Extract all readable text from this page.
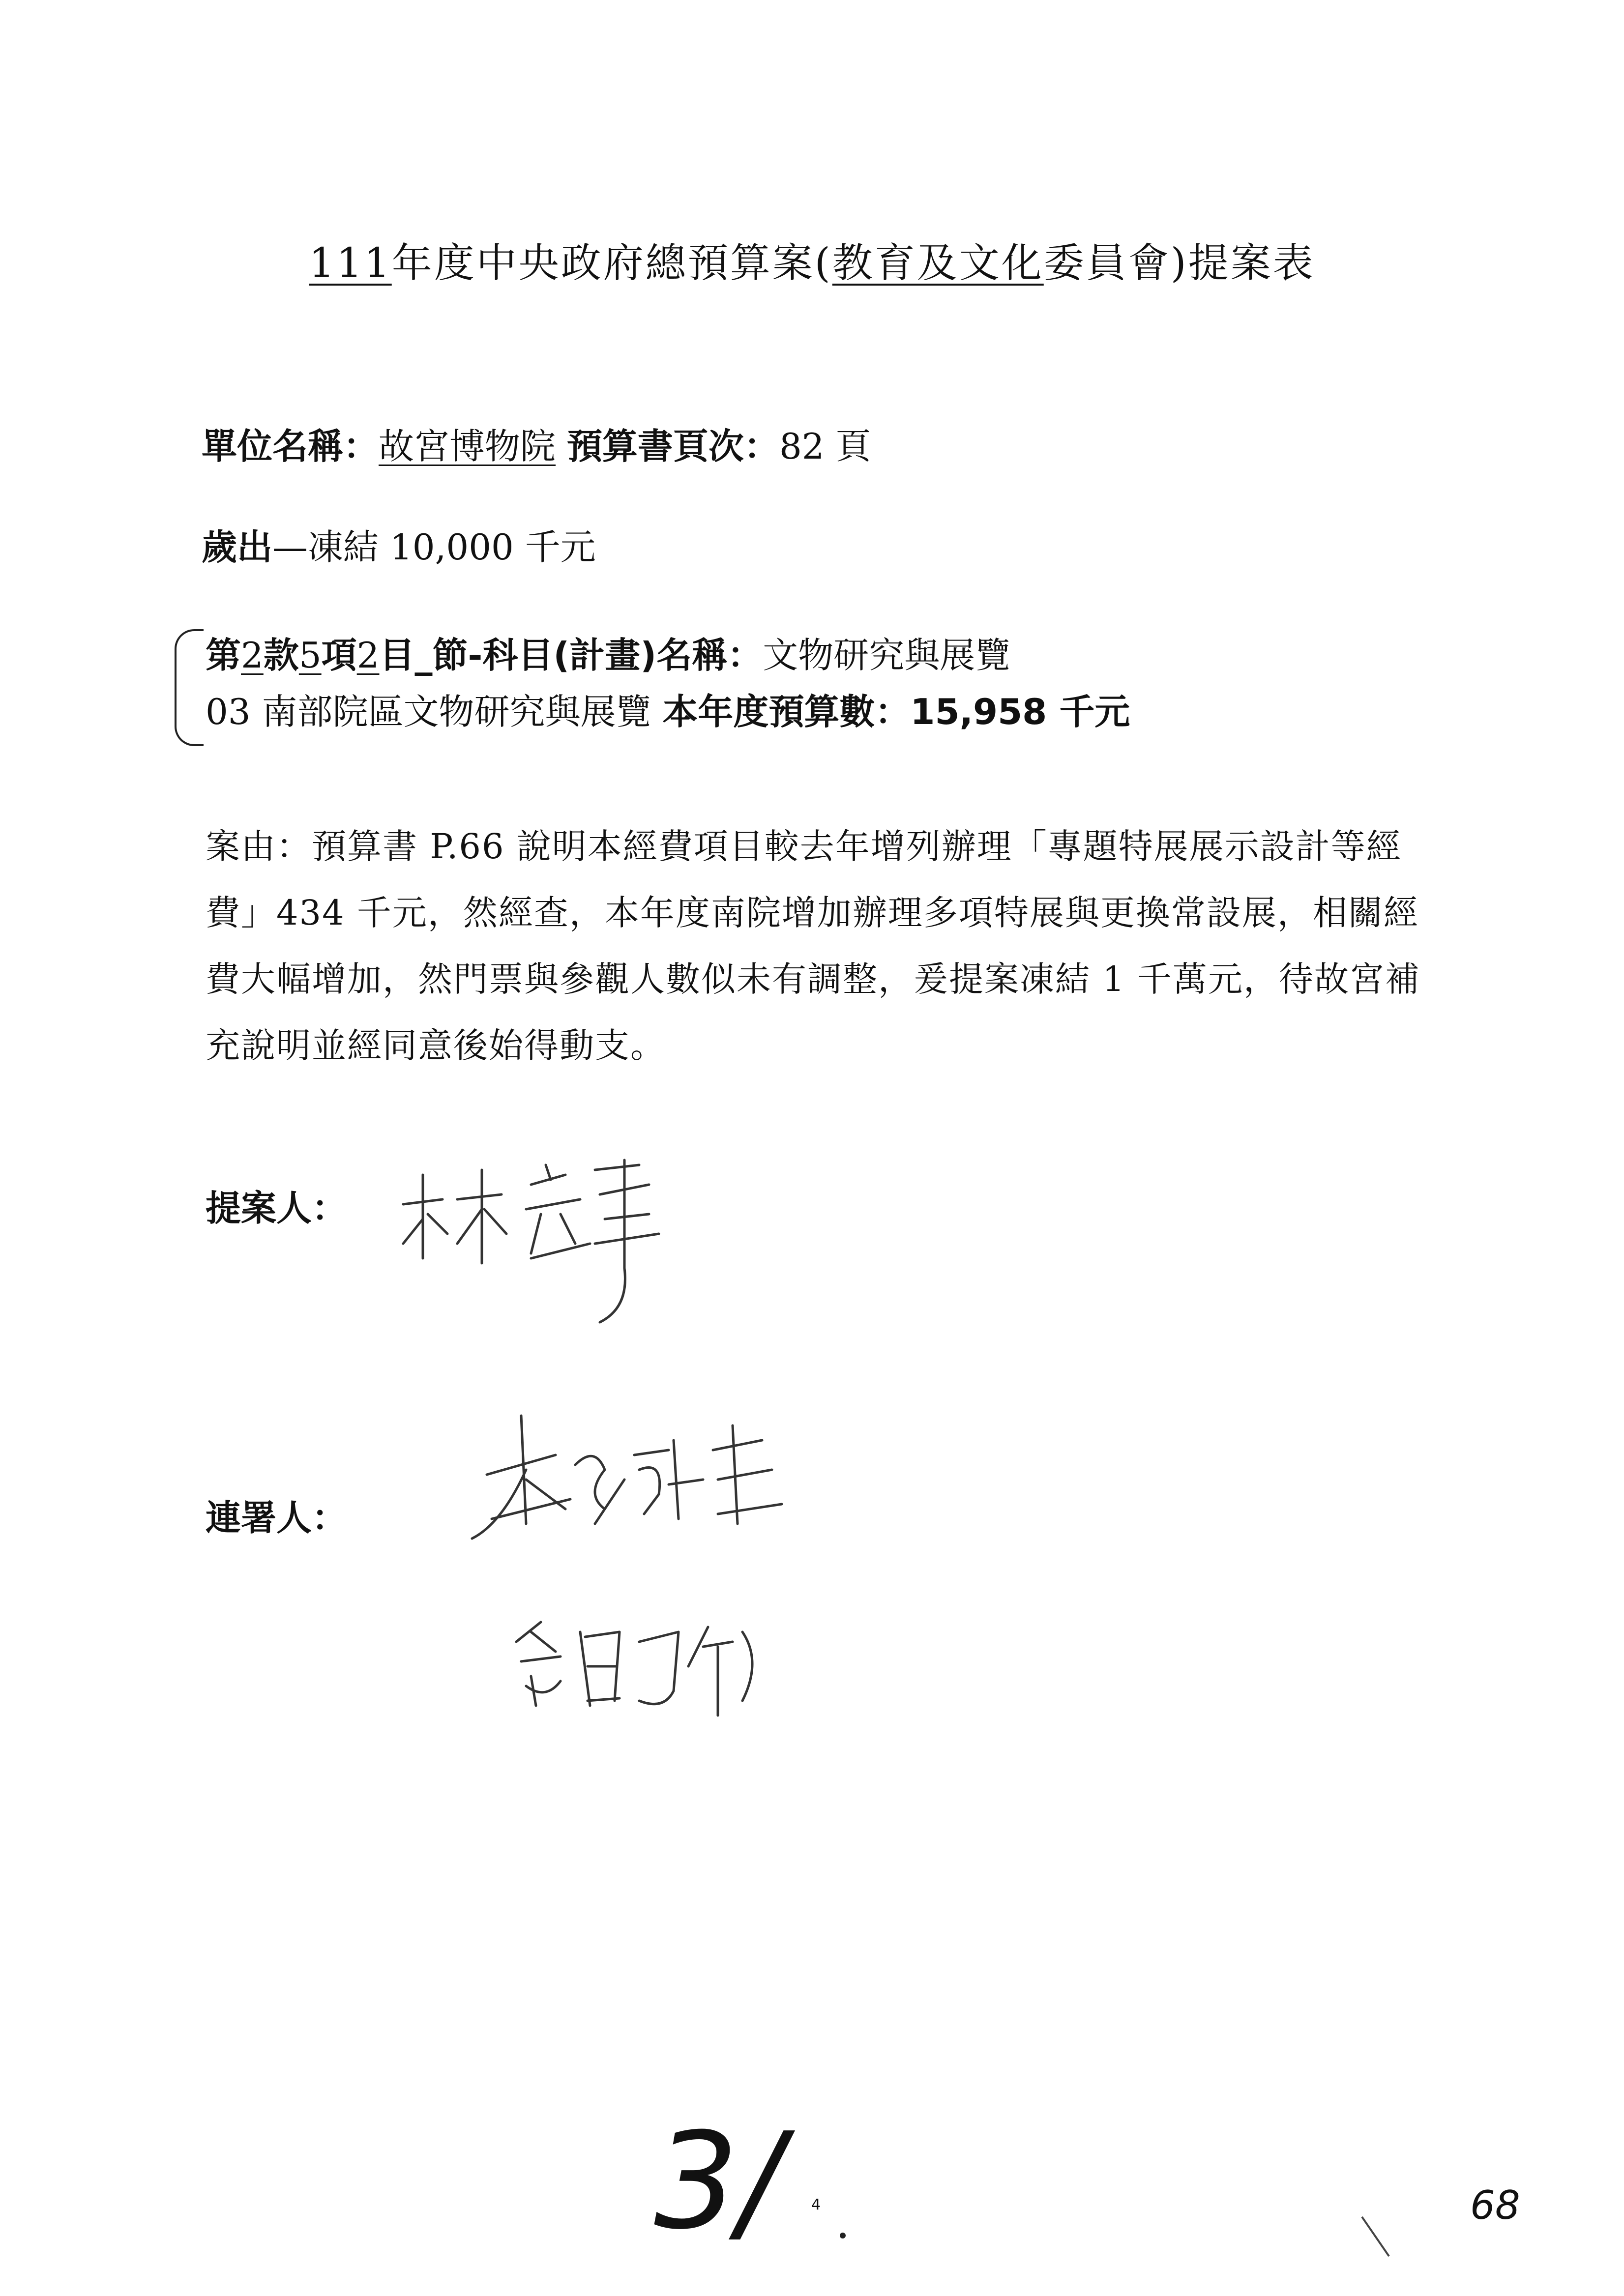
111年度中央政府總預算案(教育及文化委員會)提案表
單位名稱：故宮博物院 預算書頁次：82 頁
歲出—凍結 10,000 千元
第2款5項2目_節-科目(計畫)名稱：文物研究與展覽
03 南部院區文物研究與展覽 本年度預算數：15,958 千元
案由：預算書 P.66 說明本經費項目較去年增列辦理「專題特展展示設計等經費」434 千元，然經查，本年度南院增加辦理多項特展與更換常設展，相關經費大幅增加，然門票與參觀人數似未有調整，爰提案凍結 1 千萬元，待故宮補充說明並經同意後始得動支。
提案人：
連署人：
3/ 4	68
